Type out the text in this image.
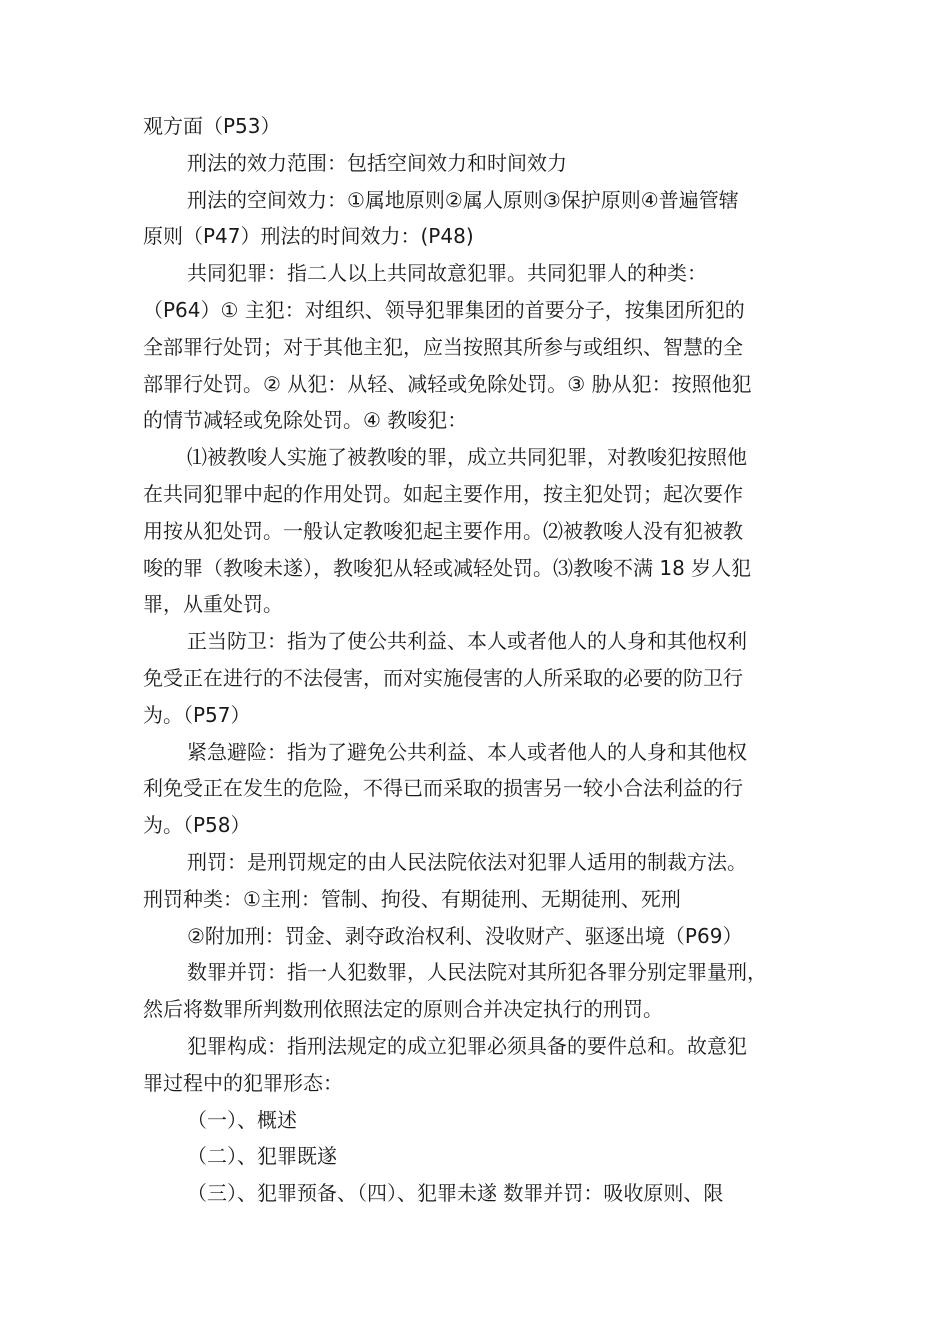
观方面（P53）
刑法的效力范围：包括空间效力和时间效力
刑法的空间效力：①属地原则②属人原则③保护原则④普遍管辖
原则（P47）刑法的时间效力：(P48)
共同犯罪：指二人以上共同故意犯罪。共同犯罪人的种类：
（P64）① 主犯：对组织、领导犯罪集团的首要分子，按集团所犯的
全部罪行处罚；对于其他主犯，应当按照其所参与或组织、智慧的全
部罪行处罚。② 从犯：从轻、减轻或免除处罚。③ 胁从犯：按照他犯
的情节减轻或免除处罚。④ 教唆犯：
⑴被教唆人实施了被教唆的罪，成立共同犯罪，对教唆犯按照他
在共同犯罪中起的作用处罚。如起主要作用，按主犯处罚；起次要作
用按从犯处罚。一般认定教唆犯起主要作用。⑵被教唆人没有犯被教
唆的罪（教唆未遂），教唆犯从轻或减轻处罚。⑶教唆不满 18 岁人犯
罪，从重处罚。
正当防卫：指为了使公共利益、本人或者他人的人身和其他权利
免受正在进行的不法侵害，而对实施侵害的人所采取的必要的防卫行
为。（P57）
紧急避险：指为了避免公共利益、本人或者他人的人身和其他权
利免受正在发生的危险，不得已而采取的损害另一较小合法利益的行
为。（P58）
刑罚：是刑罚规定的由人民法院依法对犯罪人适用的制裁方法。
刑罚种类：①主刑：管制、拘役、有期徒刑、无期徒刑、死刑
②附加刑：罚金、剥夺政治权利、没收财产、驱逐出境（P69）
数罪并罚：指一人犯数罪，人民法院对其所犯各罪分别定罪量刑，
然后将数罪所判数刑依照法定的原则合并决定执行的刑罚。
犯罪构成：指刑法规定的成立犯罪必须具备的要件总和。故意犯
罪过程中的犯罪形态：
（一）、概述
（二）、犯罪既遂
（三）、犯罪预备、（四）、犯罪未遂 数罪并罚：吸收原则、限
